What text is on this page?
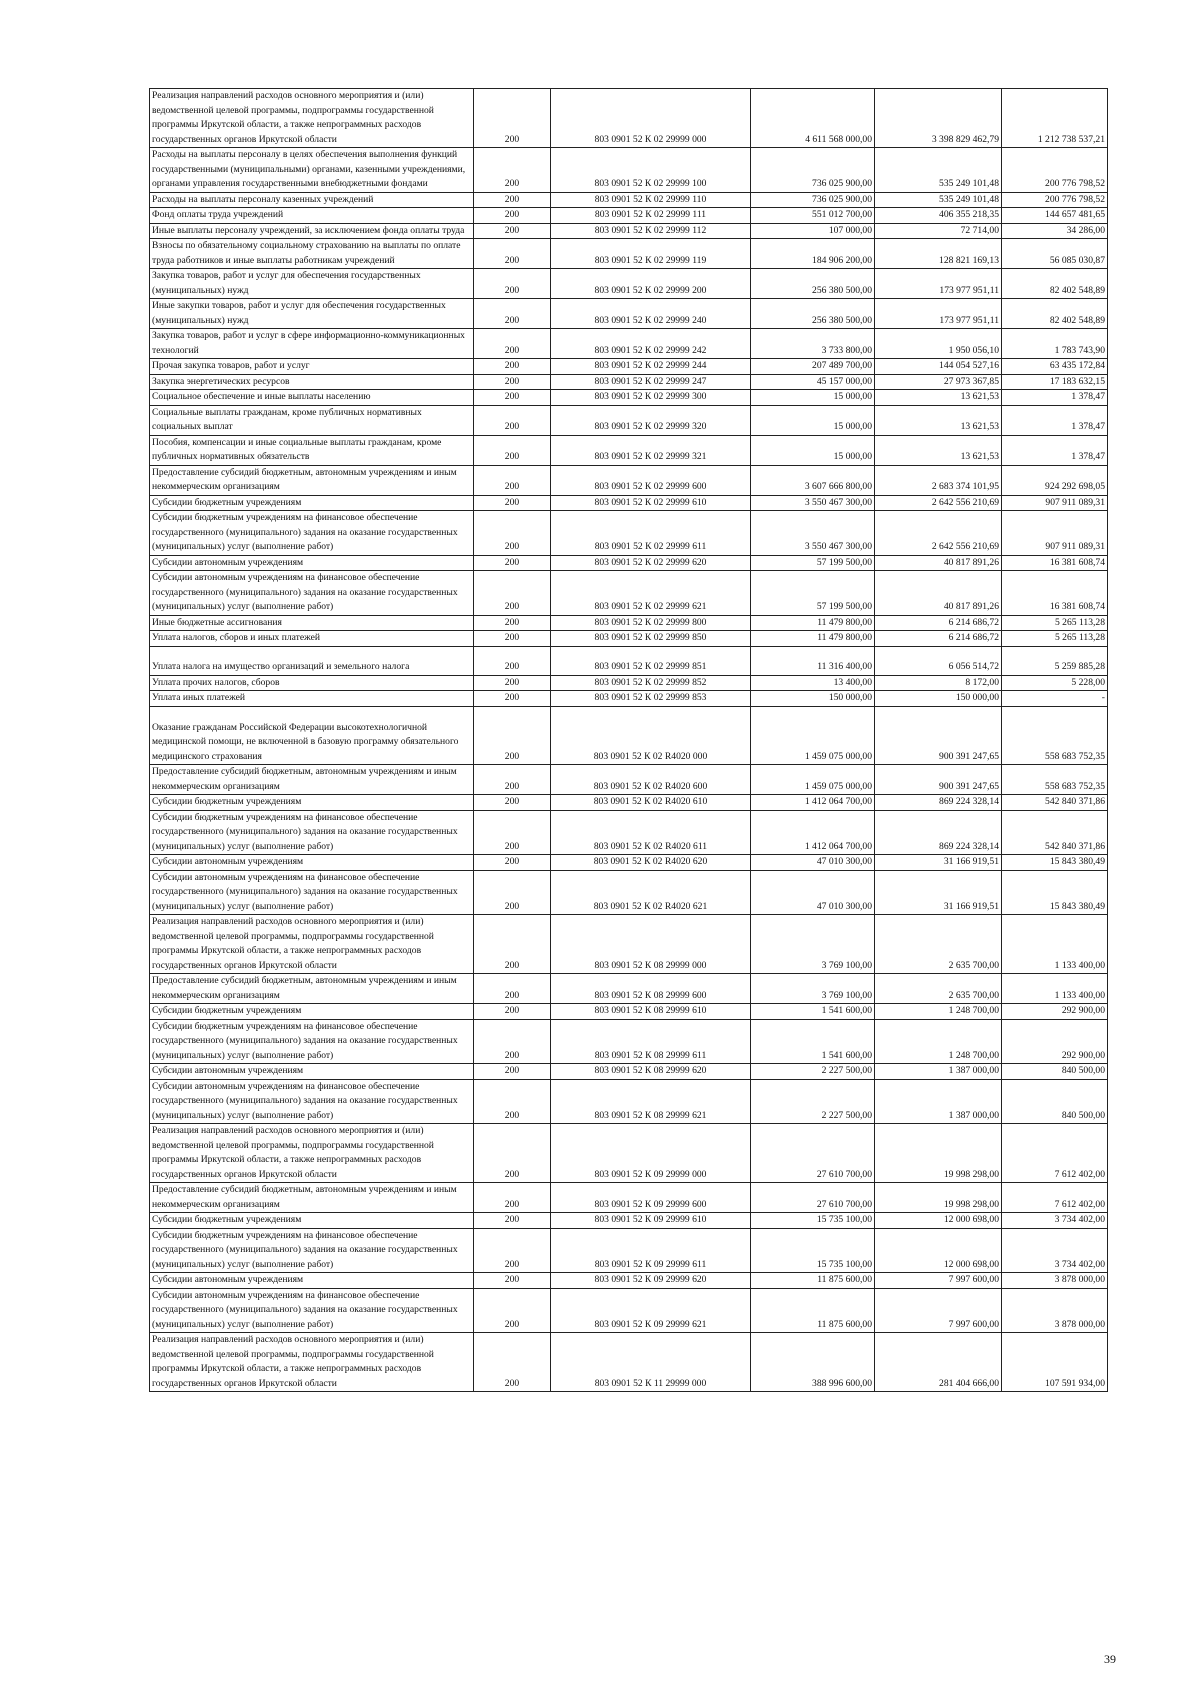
Реализация направлений расходов основного мероприятия и (или) ведомственной целевой программы, подпрограммы государственной программы Иркутской области, а также непрограммных расходов государственных органов Иркутской области	200	803 0901 52 К 02 29999 000	4 611 568 000,00	3 398 829 462,79	1 212 738 537,21

Расходы на выплаты персоналу в целях обеспечения выполнения функций государственными (муниципальными) органами, казенными учреждениями, органами управления государственными внебюджетными фондами	200	803 0901 52 К 02 29999 100	736 025 900,00	535 249 101,48	200 776 798,52

Расходы на выплаты персоналу казенных учреждений	200	803 0901 52 К 02 29999 110	736 025 900,00	535 249 101,48	200 776 798,52

Фонд оплаты труда учреждений	200	803 0901 52 К 02 29999 111	551 012 700,00	406 355 218,35	144 657 481,65

Иные выплаты персоналу учреждений, за исключением фонда оплаты труда	200	803 0901 52 К 02 29999 112	107 000,00	72 714,00	34 286,00

Взносы по обязательному социальному страхованию на выплаты по оплате труда работников и иные выплаты работникам учреждений	200	803 0901 52 К 02 29999 119	184 906 200,00	128 821 169,13	56 085 030,87

Закупка товаров, работ и услуг для обеспечения государственных (муниципальных) нужд	200	803 0901 52 К 02 29999 200	256 380 500,00	173 977 951,11	82 402 548,89

Иные закупки товаров, работ и услуг для обеспечения государственных (муниципальных) нужд	200	803 0901 52 К 02 29999 240	256 380 500,00	173 977 951,11	82 402 548,89

Закупка товаров, работ и услуг в сфере информационно-коммуникационных технологий	200	803 0901 52 К 02 29999 242	3 733 800,00	1 950 056,10	1 783 743,90

Прочая закупка товаров, работ и услуг	200	803 0901 52 К 02 29999 244	207 489 700,00	144 054 527,16	63 435 172,84

Закупка энергетических ресурсов	200	803 0901 52 К 02 29999 247	45 157 000,00	27 973 367,85	17 183 632,15

Социальное обеспечение и иные выплаты населению	200	803 0901 52 К 02 29999 300	15 000,00	13 621,53	1 378,47

Социальные выплаты гражданам, кроме публичных нормативных социальных выплат	200	803 0901 52 К 02 29999 320	15 000,00	13 621,53	1 378,47

Пособия, компенсации и иные социальные выплаты гражданам, кроме публичных нормативных обязательств	200	803 0901 52 К 02 29999 321	15 000,00	13 621,53	1 378,47

Предоставление субсидий бюджетным, автономным учреждениям и иным некоммерческим организациям	200	803 0901 52 К 02 29999 600	3 607 666 800,00	2 683 374 101,95	924 292 698,05

Субсидии бюджетным учреждениям	200	803 0901 52 К 02 29999 610	3 550 467 300,00	2 642 556 210,69	907 911 089,31

Субсидии бюджетным учреждениям на финансовое обеспечение государственного (муниципального) задания на оказание государственных (муниципальных) услуг (выполнение работ)	200	803 0901 52 К 02 29999 611	3 550 467 300,00	2 642 556 210,69	907 911 089,31

Субсидии автономным учреждениям	200	803 0901 52 К 02 29999 620	57 199 500,00	40 817 891,26	16 381 608,74

Субсидии автономным учреждениям на финансовое обеспечение государственного (муниципального) задания на оказание государственных (муниципальных) услуг (выполнение работ)	200	803 0901 52 К 02 29999 621	57 199 500,00	40 817 891,26	16 381 608,74

Иные бюджетные ассигнования	200	803 0901 52 К 02 29999 800	11 479 800,00	6 214 686,72	5 265 113,28

Уплата налогов, сборов и иных платежей	200	803 0901 52 К 02 29999 850	11 479 800,00	6 214 686,72	5 265 113,28

Уплата налога на имущество организаций и земельного налога	200	803 0901 52 К 02 29999 851	11 316 400,00	6 056 514,72	5 259 885,28

Уплата прочих налогов, сборов	200	803 0901 52 К 02 29999 852	13 400,00	8 172,00	5 228,00

Уплата иных платежей	200	803 0901 52 К 02 29999 853	150 000,00	150 000,00	-

Оказание гражданам Российской Федерации высокотехнологичной медицинской помощи, не включенной в базовую программу обязательного медицинского страхования	200	803 0901 52 К 02 R4020 000	1 459 075 000,00	900 391 247,65	558 683 752,35

Предоставление субсидий бюджетным, автономным учреждениям и иным некоммерческим организациям	200	803 0901 52 К 02 R4020 600	1 459 075 000,00	900 391 247,65	558 683 752,35

Субсидии бюджетным учреждениям	200	803 0901 52 К 02 R4020 610	1 412 064 700,00	869 224 328,14	542 840 371,86

Субсидии бюджетным учреждениям на финансовое обеспечение государственного (муниципального) задания на оказание государственных (муниципальных) услуг (выполнение работ)	200	803 0901 52 К 02 R4020 611	1 412 064 700,00	869 224 328,14	542 840 371,86

Субсидии автономным учреждениям	200	803 0901 52 К 02 R4020 620	47 010 300,00	31 166 919,51	15 843 380,49

Субсидии автономным учреждениям на финансовое обеспечение государственного (муниципального) задания на оказание государственных (муниципальных) услуг (выполнение работ)	200	803 0901 52 К 02 R4020 621	47 010 300,00	31 166 919,51	15 843 380,49

Реализация направлений расходов основного мероприятия и (или) ведомственной целевой программы, подпрограммы государственной программы Иркутской области, а также непрограммных расходов государственных органов Иркутской области	200	803 0901 52 К 08 29999 000	3 769 100,00	2 635 700,00	1 133 400,00

Предоставление субсидий бюджетным, автономным учреждениям и иным некоммерческим организациям	200	803 0901 52 К 08 29999 600	3 769 100,00	2 635 700,00	1 133 400,00

Субсидии бюджетным учреждениям	200	803 0901 52 К 08 29999 610	1 541 600,00	1 248 700,00	292 900,00

Субсидии бюджетным учреждениям на финансовое обеспечение государственного (муниципального) задания на оказание государственных (муниципальных) услуг (выполнение работ)	200	803 0901 52 К 08 29999 611	1 541 600,00	1 248 700,00	292 900,00

Субсидии автономным учреждениям	200	803 0901 52 К 08 29999 620	2 227 500,00	1 387 000,00	840 500,00

Субсидии автономным учреждениям на финансовое обеспечение государственного (муниципального) задания на оказание государственных (муниципальных) услуг (выполнение работ)	200	803 0901 52 К 08 29999 621	2 227 500,00	1 387 000,00	840 500,00

Реализация направлений расходов основного мероприятия и (или) ведомственной целевой программы, подпрограммы государственной программы Иркутской области, а также непрограммных расходов государственных органов Иркутской области	200	803 0901 52 К 09 29999 000	27 610 700,00	19 998 298,00	7 612 402,00

Предоставление субсидий бюджетным, автономным учреждениям и иным некоммерческим организациям	200	803 0901 52 К 09 29999 600	27 610 700,00	19 998 298,00	7 612 402,00

Субсидии бюджетным учреждениям	200	803 0901 52 К 09 29999 610	15 735 100,00	12 000 698,00	3 734 402,00

Субсидии бюджетным учреждениям на финансовое обеспечение государственного (муниципального) задания на оказание государственных (муниципальных) услуг (выполнение работ)	200	803 0901 52 К 09 29999 611	15 735 100,00	12 000 698,00	3 734 402,00

Субсидии автономным учреждениям	200	803 0901 52 К 09 29999 620	11 875 600,00	7 997 600,00	3 878 000,00

Субсидии автономным учреждениям на финансовое обеспечение государственного (муниципального) задания на оказание государственных (муниципальных) услуг (выполнение работ)	200	803 0901 52 К 09 29999 621	11 875 600,00	7 997 600,00	3 878 000,00

Реализация направлений расходов основного мероприятия и (или) ведомственной целевой программы, подпрограммы государственной программы Иркутской области, а также непрограммных расходов государственных органов Иркутской области	200	803 0901 52 К 11 29999 000	388 996 600,00	281 404 666,00	107 591 934,00
39
